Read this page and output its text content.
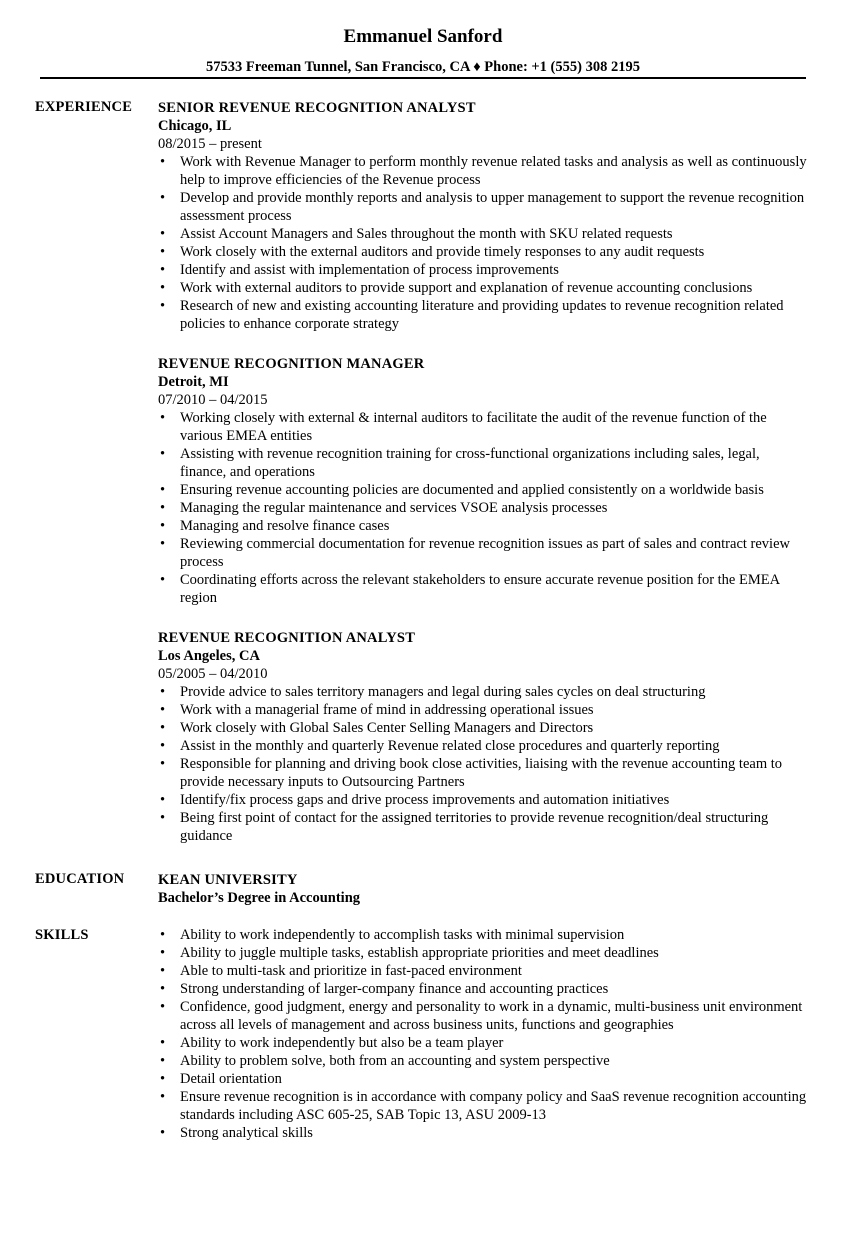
Emmanuel Sanford
57533 Freeman Tunnel, San Francisco, CA ♦ Phone: +1 (555) 308 2195
EXPERIENCE SENIOR REVENUE RECOGNITION ANALYST
Chicago, IL
08/2015 – present
• Work with Revenue Manager to perform monthly revenue related tasks and analysis as well as continuously help to improve efficiencies of the Revenue process
• Develop and provide monthly reports and analysis to upper management to support the revenue recognition assessment process
• Assist Account Managers and Sales throughout the month with SKU related requests
• Work closely with the external auditors and provide timely responses to any audit requests
• Identify and assist with implementation of process improvements
• Work with external auditors to provide support and explanation of revenue accounting conclusions
• Research of new and existing accounting literature and providing updates to revenue recognition related policies to enhance corporate strategy
REVENUE RECOGNITION MANAGER
Detroit, MI
07/2010 – 04/2015
• Working closely with external & internal auditors to facilitate the audit of the revenue function of the various EMEA entities
• Assisting with revenue recognition training for cross-functional organizations including sales, legal, finance, and operations
• Ensuring revenue accounting policies are documented and applied consistently on a worldwide basis
• Managing the regular maintenance and services VSOE analysis processes
• Managing and resolve finance cases
• Reviewing commercial documentation for revenue recognition issues as part of sales and contract review process
• Coordinating efforts across the relevant stakeholders to ensure accurate revenue position for the EMEA region
REVENUE RECOGNITION ANALYST
Los Angeles, CA
05/2005 – 04/2010
• Provide advice to sales territory managers and legal during sales cycles on deal structuring
• Work with a managerial frame of mind in addressing operational issues
• Work closely with Global Sales Center Selling Managers and Directors
• Assist in the monthly and quarterly Revenue related close procedures and quarterly reporting
• Responsible for planning and driving book close activities, liaising with the revenue accounting team to provide necessary inputs to Outsourcing Partners
• Identify/fix process gaps and drive process improvements and automation initiatives
• Being first point of contact for the assigned territories to provide revenue recognition/deal structuring guidance
EDUCATION KEAN UNIVERSITY
Bachelor’s Degree in Accounting
SKILLS
•	Ability to work independently to accomplish tasks with minimal supervision
• Ability to juggle multiple tasks, establish appropriate priorities and meet deadlines
• Able to multi-task and prioritize in fast-paced environment
• Strong understanding of larger-company finance and accounting practices
• Confidence, good judgment, energy and personality to work in a dynamic, multi-business unit environment across all levels of management and across business units, functions and geographies
• Ability to work independently but also be a team player
• Ability to problem solve, both from an accounting and system perspective
• Detail orientation
• Ensure revenue recognition is in accordance with company policy and SaaS revenue recognition accounting standards including ASC 605-25, SAB Topic 13, ASU 2009-13
• Strong analytical skills
